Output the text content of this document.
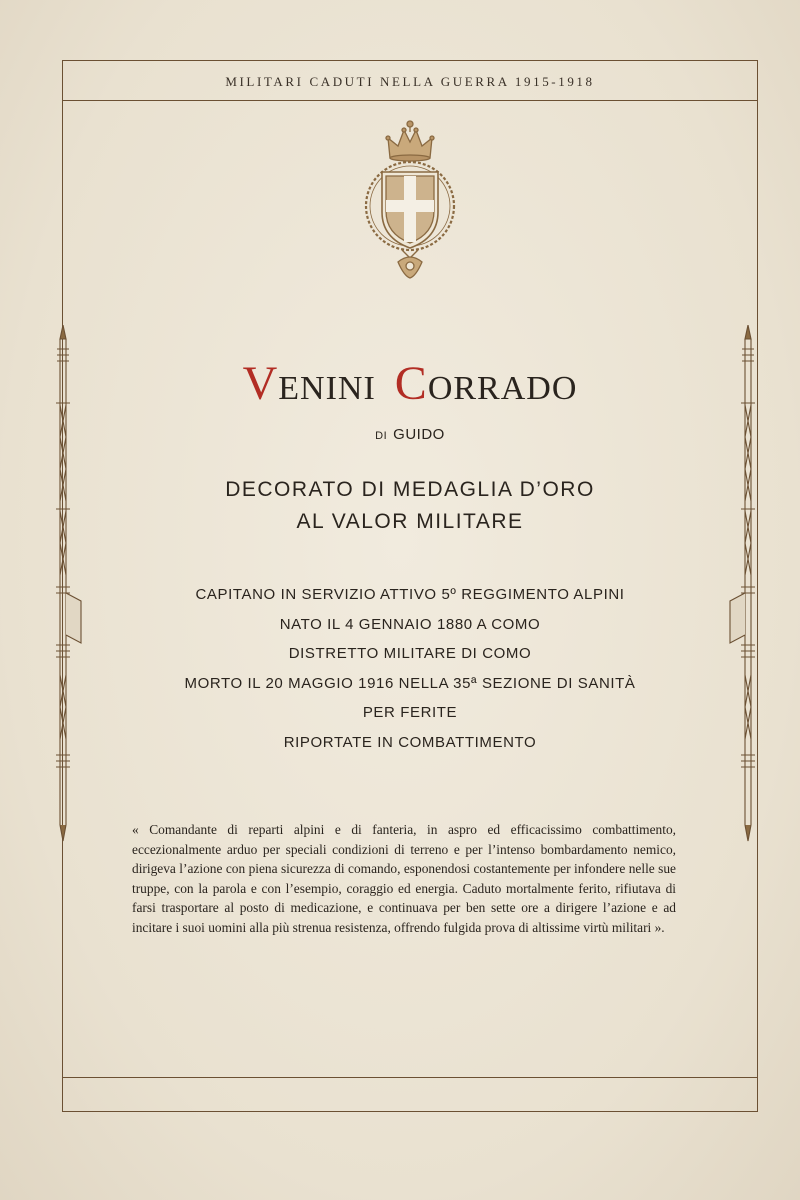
MILITARI CADUTI NELLA GUERRA 1915-1918
VENINI CORRADO
DI GUIDO
DECORATO DI MEDAGLIA D’ORO
AL VALOR MILITARE
CAPITANO IN SERVIZIO ATTIVO 5º REGGIMENTO ALPINI
NATO IL 4 GENNAIO 1880 A COMO
DISTRETTO MILITARE DI COMO
MORTO IL 20 MAGGIO 1916 NELLA 35ª SEZIONE DI SANITÀ
PER FERITE
RIPORTATE IN COMBATTIMENTO
« Comandante di reparti alpini e di fanteria, in aspro ed efficacissimo combattimento, eccezionalmente arduo per speciali condizioni di terreno e per l’intenso bombardamento nemico, dirigeva l’azione con piena sicurezza di comando, esponendosi costantemente per infondere nelle sue truppe, con la parola e con l’esempio, coraggio ed energia. Caduto mortalmente ferito, rifiutava di farsi trasportare al posto di medicazione, e continuava per ben sette ore a dirigere l’azione e ad incitare i suoi uomini alla più strenua resistenza, offrendo fulgida prova di altissime virtù militari ».
